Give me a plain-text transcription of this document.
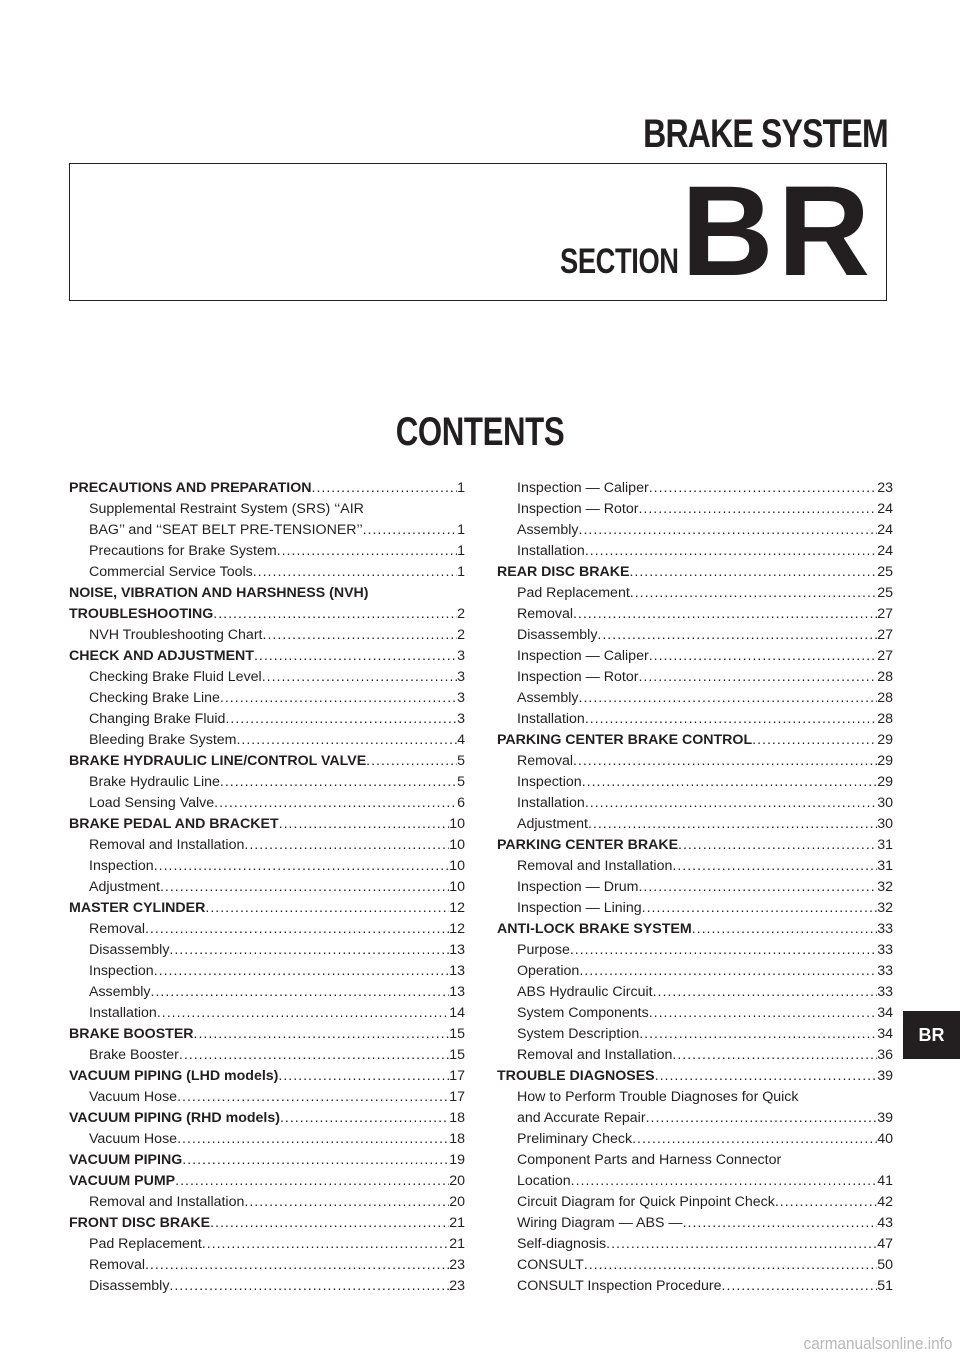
BRAKE SYSTEM
SECTION BR
CONTENTS
PRECAUTIONS AND PREPARATION .....	1
Supplemental Restraint System (SRS) ‘‘AIR
BAG’’ and ‘‘SEAT BELT PRE-TENSIONER’’ .....	1
Precautions for Brake System .....	1
Commercial Service Tools .....	1
NOISE, VIBRATION AND HARSHNESS (NVH)
TROUBLESHOOTING .....	2
NVH Troubleshooting Chart .....	2
CHECK AND ADJUSTMENT .....	3
Checking Brake Fluid Level .....	3
Checking Brake Line .....	3
Changing Brake Fluid .....	3
Bleeding Brake System .....	4
BRAKE HYDRAULIC LINE/CONTROL VALVE .....	5
Brake Hydraulic Line .....	5
Load Sensing Valve .....	6
BRAKE PEDAL AND BRACKET .....	10
Removal and Installation .....	10
Inspection .....	10
Adjustment .....	10
MASTER CYLINDER .....	12
Removal .....	12
Disassembly .....	13
Inspection .....	13
Assembly .....	13
Installation .....	14
BRAKE BOOSTER .....	15
Brake Booster .....	15
VACUUM PIPING (LHD models) .....	17
Vacuum Hose .....	17
VACUUM PIPING (RHD models) .....	18
Vacuum Hose .....	18
VACUUM PIPING .....	19
VACUUM PUMP .....	20
Removal and Installation .....	20
FRONT DISC BRAKE .....	21
Pad Replacement .....	21
Removal .....	23
Disassembly .....	23
Inspection — Caliper .....	23
Inspection — Rotor .....	24
Assembly .....	24
Installation .....	24
REAR DISC BRAKE .....	25
Pad Replacement .....	25
Removal .....	27
Disassembly .....	27
Inspection — Caliper .....	27
Inspection — Rotor .....	28
Assembly .....	28
Installation .....	28
PARKING CENTER BRAKE CONTROL .....	29
Removal .....	29
Inspection .....	29
Installation .....	30
Adjustment .....	30
PARKING CENTER BRAKE .....	31
Removal and Installation .....	31
Inspection — Drum .....	32
Inspection — Lining .....	32
ANTI-LOCK BRAKE SYSTEM .....	33
Purpose .....	33
Operation .....	33
ABS Hydraulic Circuit .....	33
System Components .....	34
System Description .....	34
Removal and Installation .....	36
TROUBLE DIAGNOSES .....	39
How to Perform Trouble Diagnoses for Quick
and Accurate Repair .....	39
Preliminary Check .....	40
Component Parts and Harness Connector
Location .....	41
Circuit Diagram for Quick Pinpoint Check .....	42
Wiring Diagram — ABS — .....	43
Self-diagnosis .....	47
CONSULT .....	50
CONSULT Inspection Procedure .....	51
BR
carmanualsonline.info
